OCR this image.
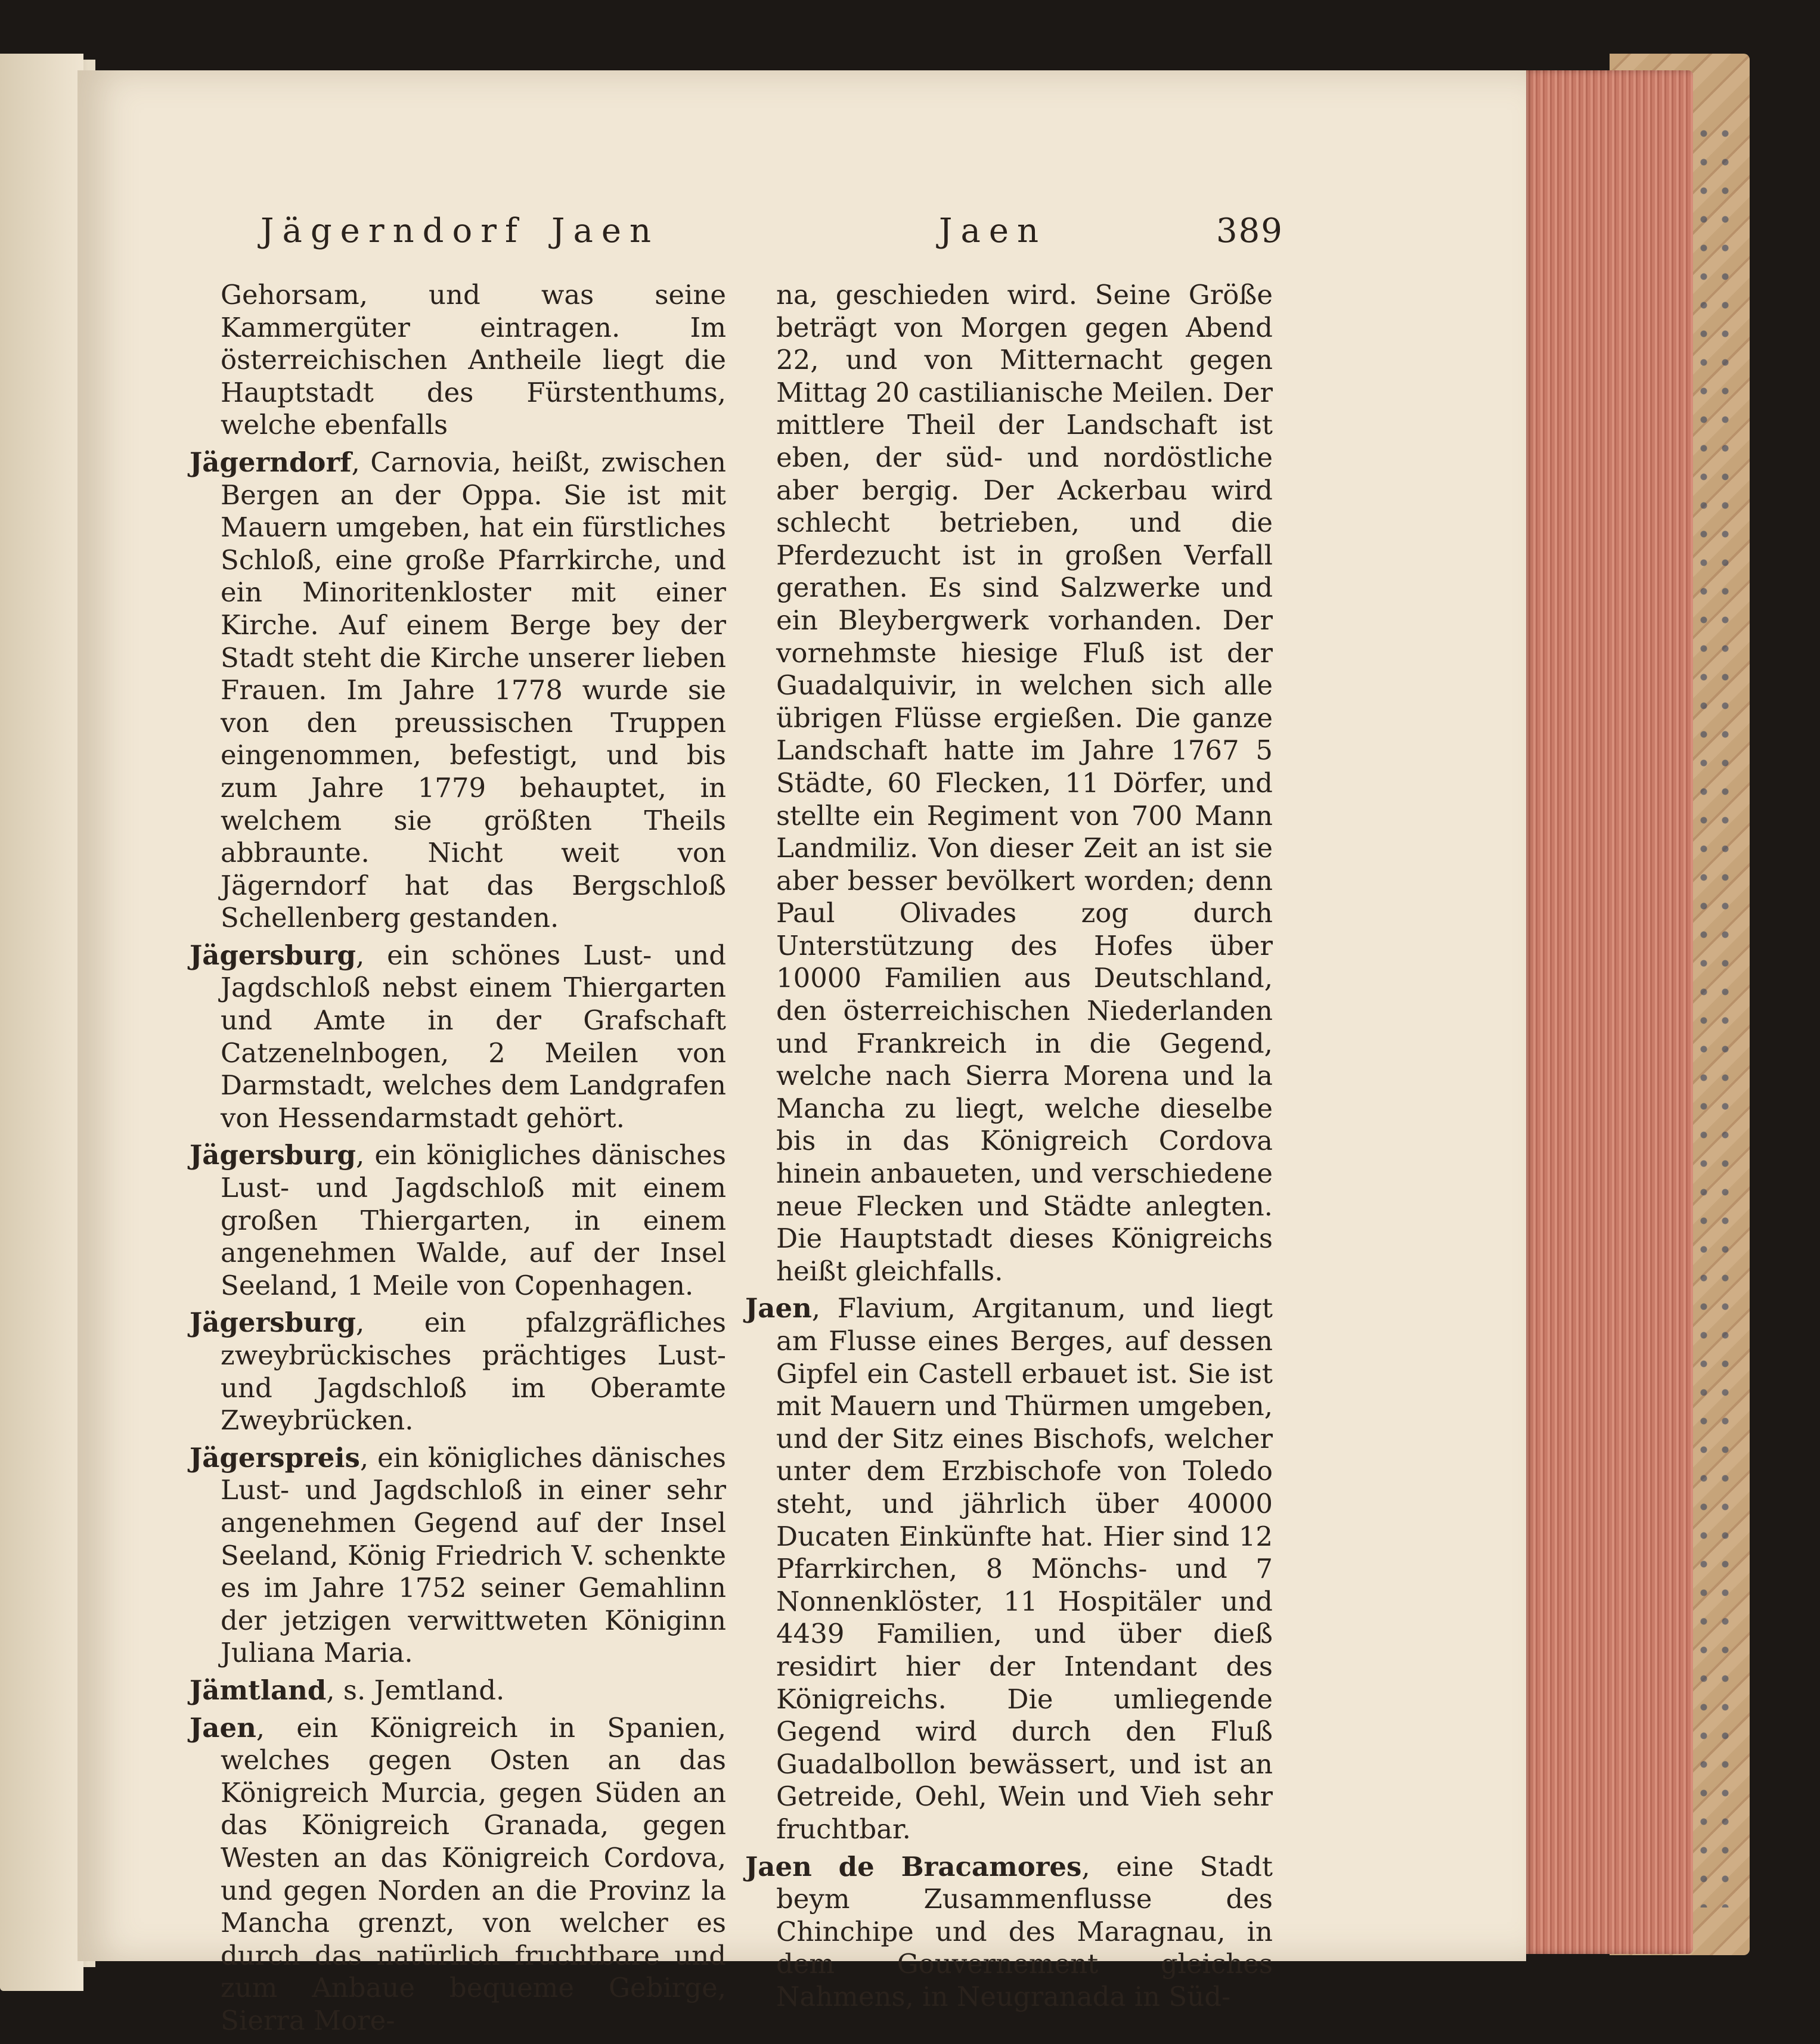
Jägerndorf Jaen	Jaen	389

Gehorsam, und was seine Kammergüter eintragen. Im österreichischen Antheile liegt die Hauptstadt des Fürstenthums, welche ebenfalls

Jägerndorf, Carnovia, heißt, zwischen Bergen an der Oppa. Sie ist mit Mauern umgeben, hat ein fürstliches Schloß, eine große Pfarrkirche, und ein Minoritenkloster mit einer Kirche. Auf einem Berge bey der Stadt steht die Kirche unserer lieben Frauen. Im Jahre 1778 wurde sie von den preussischen Truppen eingenommen, befestigt, und bis zum Jahre 1779 behauptet, in welchem sie größten Theils abbraunte. Nicht weit von Jägerndorf hat das Bergschloß Schellenberg gestanden.

Jägersburg, ein schönes Lust- und Jagdschloß nebst einem Thiergarten und Amte in der Grafschaft Catzenelnbogen, 2 Meilen von Darmstadt, welches dem Landgrafen von Hessendarmstadt gehört.

Jägersburg, ein königliches dänisches Lust- und Jagdschloß mit einem großen Thiergarten, in einem angenehmen Walde, auf der Insel Seeland, 1 Meile von Copenhagen.

Jägersburg, ein pfalzgräfliches zweybrückisches prächtiges Lust- und Jagdschloß im Oberamte Zweybrücken.

Jägerspreis, ein königliches dänisches Lust- und Jagdschloß in einer sehr angenehmen Gegend auf der Insel Seeland, König Friedrich V. schenkte es im Jahre 1752 seiner Gemahlinn der jetzigen verwittweten Königinn Juliana Maria.

Jämtland, s. Jemtland.

Jaen, ein Königreich in Spanien, welches gegen Osten an das Königreich Murcia, gegen Süden an das Königreich Granada, gegen Westen an das Königreich Cordova, und gegen Norden an die Provinz la Mancha grenzt, von welcher es durch das natürlich fruchtbare und zum Anbaue bequeme Gebirge, Sierra More-

na, geschieden wird. Seine Größe beträgt von Morgen gegen Abend 22, und von Mitternacht gegen Mittag 20 castilianische Meilen. Der mittlere Theil der Landschaft ist eben, der süd- und nordöstliche aber bergig. Der Ackerbau wird schlecht betrieben, und die Pferdezucht ist in großen Verfall gerathen. Es sind Salzwerke und ein Bleybergwerk vorhanden. Der vornehmste hiesige Fluß ist der Guadalquivir, in welchen sich alle übrigen Flüsse ergießen. Die ganze Landschaft hatte im Jahre 1767 5 Städte, 60 Flecken, 11 Dörfer, und stellte ein Regiment von 700 Mann Landmiliz. Von dieser Zeit an ist sie aber besser bevölkert worden; denn Paul Olivades zog durch Unterstützung des Hofes über 10000 Familien aus Deutschland, den österreichischen Niederlanden und Frankreich in die Gegend, welche nach Sierra Morena und la Mancha zu liegt, welche dieselbe bis in das Königreich Cordova hinein anbaueten, und verschiedene neue Flecken und Städte anlegten. Die Hauptstadt dieses Königreichs heißt gleichfalls.

Jaen, Flavium, Argitanum, und liegt am Flusse eines Berges, auf dessen Gipfel ein Castell erbauet ist. Sie ist mit Mauern und Thürmen umgeben, und der Sitz eines Bischofs, welcher unter dem Erzbischofe von Toledo steht, und jährlich über 40000 Ducaten Einkünfte hat. Hier sind 12 Pfarrkirchen, 8 Mönchs- und 7 Nonnenklöster, 11 Hospitäler und 4439 Familien, und über dieß residirt hier der Intendant des Königreichs. Die umliegende Gegend wird durch den Fluß Guadalbollon bewässert, und ist an Getreide, Oehl, Wein und Vieh sehr fruchtbar.

Jaen de Bracamores, eine Stadt beym Zusammenflusse des Chinchipe und des Maragnau, in dem Gouvernement gleiches Nahmens, in Neugranada in Süd-
